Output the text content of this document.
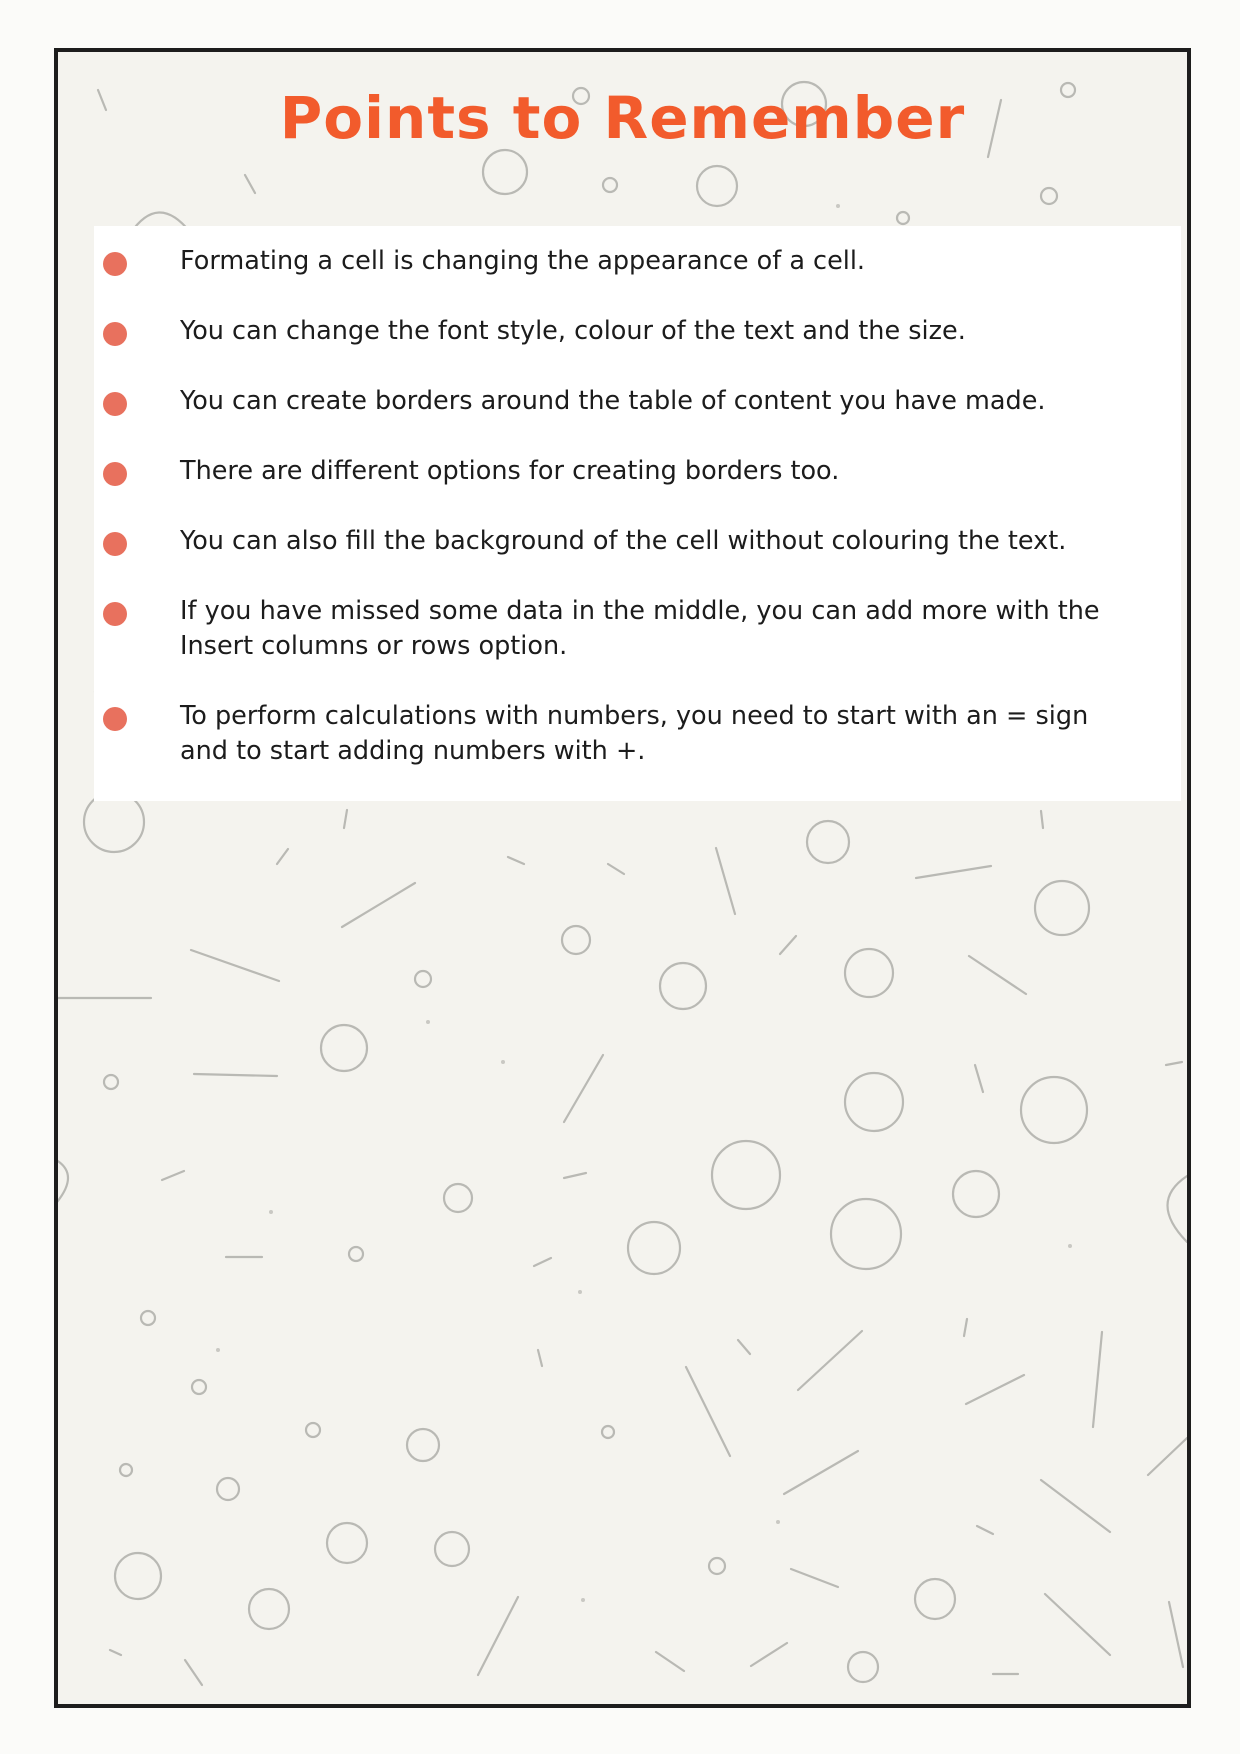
Points to Remember
Formating a cell is changing the appearance of a cell.
You can change the font style, colour of the text and the size.
You can create borders around the table of content you have made.
There are different options for creating borders too.
You can also fill the background of the cell without colouring the text.
If you have missed some data in the middle, you can add more with the Insert columns or rows option.
To perform calculations with numbers, you need to start with an = sign and to start adding numbers with +.
